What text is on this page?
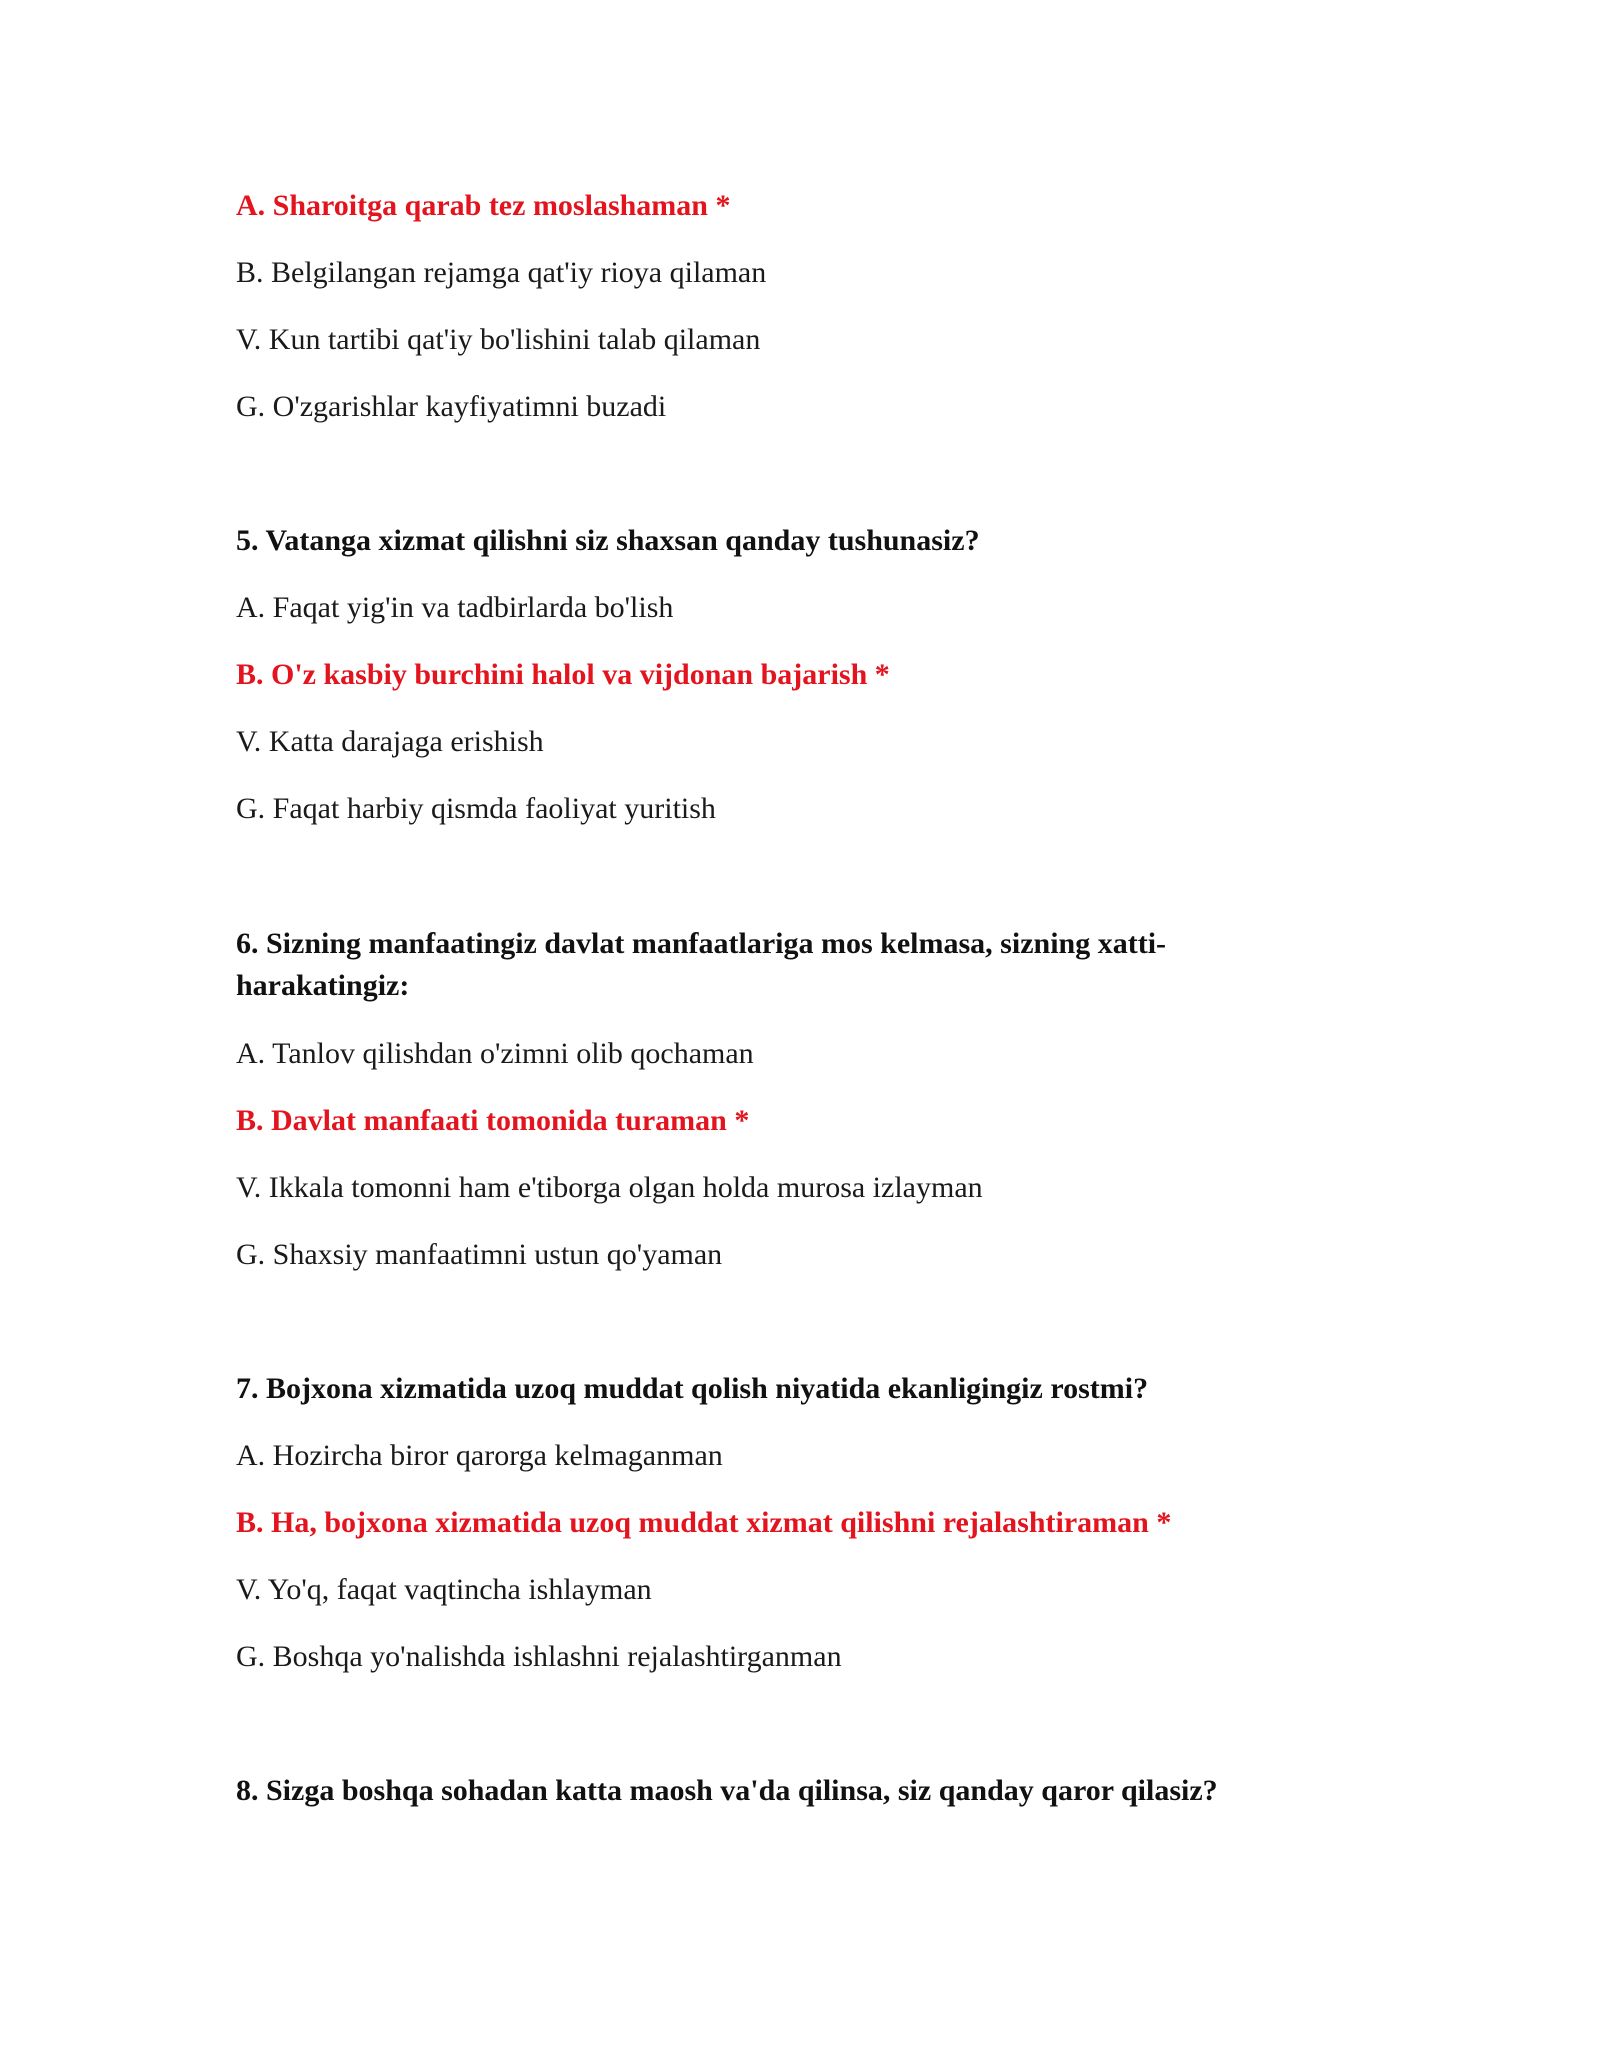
A. Sharoitga qarab tez moslashaman *

B. Belgilangan rejamga qat'iy rioya qilaman

V. Kun tartibi qat'iy bo'lishini talab qilaman

G. O'zgarishlar kayfiyatimni buzadi

5. Vatanga xizmat qilishni siz shaxsan qanday tushunasiz?

A. Faqat yig'in va tadbirlarda bo'lish

B. O'z kasbiy burchini halol va vijdonan bajarish *

V. Katta darajaga erishish

G. Faqat harbiy qismda faoliyat yuritish

6. Sizning manfaatingiz davlat manfaatlariga mos kelmasa, sizning xatti-harakatingiz:

A. Tanlov qilishdan o'zimni olib qochaman

B. Davlat manfaati tomonida turaman *

V. Ikkala tomonni ham e'tiborga olgan holda murosa izlayman

G. Shaxsiy manfaatimni ustun qo'yaman

7. Bojxona xizmatida uzoq muddat qolish niyatida ekanligingiz rostmi?

A. Hozircha biror qarorga kelmaganman

B. Ha, bojxona xizmatida uzoq muddat xizmat qilishni rejalashtiraman *

V. Yo'q, faqat vaqtincha ishlayman

G. Boshqa yo'nalishda ishlashni rejalashtirganman

8. Sizga boshqa sohadan katta maosh va'da qilinsa, siz qanday qaror qilasiz?
